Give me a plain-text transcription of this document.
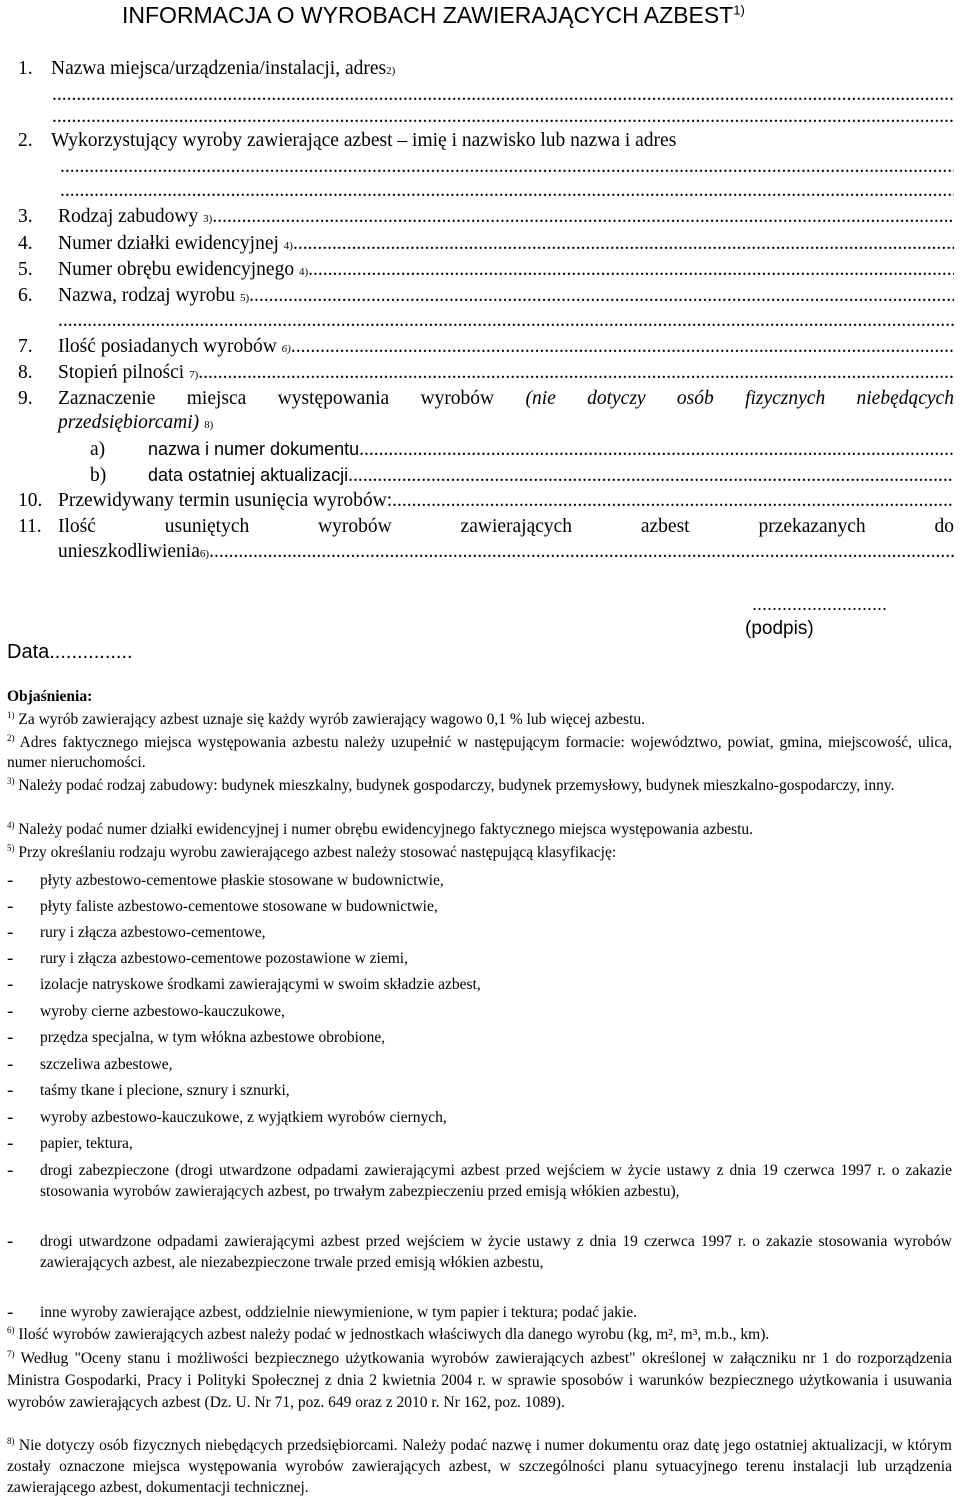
INFORMACJA O WYROBACH ZAWIERAJĄCYCH AZBEST$^{1)}$
1. Nazwa miejsca/urządzenia/instalacji, adres 2)
.....
.....
2. Wykorzystujący wyroby zawierające azbest – imię i nazwisko lub nazwa i adres
.....
.....
3.	Rodzaj zabudowy
3)
.....
4.	Numer działki ewidencyjnej
4)
.....
5.	Numer obrębu ewidencyjnego
4)
.....
6.	Nazwa, rodzaj wyrobu
5)
.....
.....
7.	Ilość posiadanych wyrobów
6)
.....
8.	Stopień pilności
7)
.....
9. Zaznaczenie miejsca występowania wyrobów (nie dotyczy osób fizycznych niebędących
przedsiębiorcami)
8)
a)	nazwa i numer dokumentu
.....
b)	data ostatniej aktualizacji
.....
10. Przewidywany termin usunięcia wyrobów:
.....
11. Ilość	usuniętych	wyrobów	zawierających	azbest	przekazanych	do
unieszkodliwienia 6)
.....
...........................
(podpis)
Data...............
Objaśnienia:
$^{1)}$ Za wyrób zawierający azbest uznaje się każdy wyrób zawierający wagowo 0,1 % lub więcej azbestu.
$^{2)}$ Adres faktycznego miejsca występowania azbestu należy uzupełnić w następującym formacie: województwo, powiat, gmina, miejscowość, ulica, numer nieruchomości.
$^{3)}$ Należy podać rodzaj zabudowy: budynek mieszkalny, budynek gospodarczy, budynek przemysłowy, budynek mieszkalno-gospodarczy, inny.
$^{4)}$ Należy podać numer działki ewidencyjnej i numer obrębu ewidencyjnego faktycznego miejsca występowania azbestu.
$^{5)}$ Przy określaniu rodzaju wyrobu zawierającego azbest należy stosować następującą klasyfikację:
- płyty azbestowo-cementowe płaskie stosowane w budownictwie,
- płyty faliste azbestowo-cementowe stosowane w budownictwie,
- rury i złącza azbestowo-cementowe,
- rury i złącza azbestowo-cementowe pozostawione w ziemi,
- izolacje natryskowe środkami zawierającymi w swoim składzie azbest,
- wyroby cierne azbestowo-kauczukowe,
- przędza specjalna, w tym włókna azbestowe obrobione,
- szczeliwa azbestowe,
- taśmy tkane i plecione, sznury i sznurki,
- wyroby azbestowo-kauczukowe, z wyjątkiem wyrobów ciernych,
- papier, tektura,
- drogi zabezpieczone (drogi utwardzone odpadami zawierającymi azbest przed wejściem w życie ustawy z dnia 19 czerwca 1997 r. o zakazie stosowania wyrobów zawierających azbest, po trwałym zabezpieczeniu przed emisją włókien azbestu),
- drogi utwardzone odpadami zawierającymi azbest przed wejściem w życie ustawy z dnia 19 czerwca 1997 r. o zakazie stosowania wyrobów zawierających azbest, ale niezabezpieczone trwale przed emisją włókien azbestu,
- inne wyroby zawierające azbest, oddzielnie niewymienione, w tym papier i tektura; podać jakie.
$^{6)}$ Ilość wyrobów zawierających azbest należy podać w jednostkach właściwych dla danego wyrobu (kg, m², m³, m.b., km).
$^{7)}$ Według "Oceny stanu i możliwości bezpiecznego użytkowania wyrobów zawierających azbest" określonej w załączniku nr 1 do rozporządzenia Ministra Gospodarki, Pracy i Polityki Społecznej z dnia 2 kwietnia 2004 r. w sprawie sposobów i warunków bezpiecznego użytkowania i usuwania wyrobów zawierających azbest (Dz. U. Nr 71, poz. 649 oraz z 2010 r. Nr 162, poz. 1089).
$^{8)}$ Nie dotyczy osób fizycznych niebędących przedsiębiorcami. Należy podać nazwę i numer dokumentu oraz datę jego ostatniej aktualizacji, w którym zostały oznaczone miejsca występowania wyrobów zawierających azbest, w szczególności planu sytuacyjnego terenu instalacji lub urządzenia zawierającego azbest, dokumentacji technicznej.
